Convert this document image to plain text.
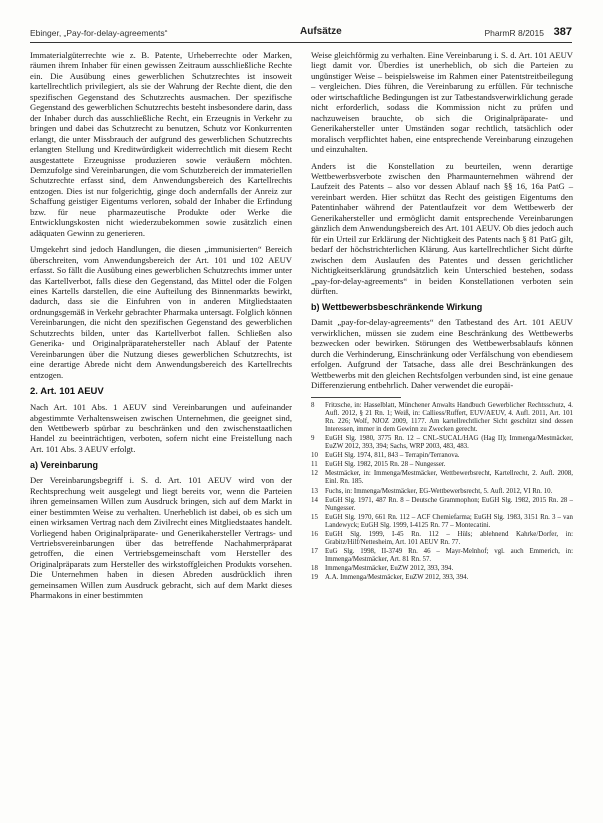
Ebinger, „Pay-for-delay-agreements“	Aufsätze	PharmR 8/2015 387

Immaterialgüterrechte wie z. B. Patente, Urheberrechte oder Marken, räumen ihrem Inhaber für einen gewissen Zeitraum ausschließliche Rechte ein. Die Ausübung eines gewerblichen Schutzrechtes ist insoweit kartellrechtlich privilegiert, als sie der Wahrung der Rechte dient, die den spezifischen Gegenstand des Schutzrechts ausmachen. Der spezifische Gegenstand des gewerblichen Schutzrechts besteht insbesondere darin, dass der Inhaber durch das ausschließliche Recht, ein Erzeugnis in Verkehr zu bringen und dabei das Schutzrecht zu benutzen, Schutz vor Konkurrenten erlangt, die unter Missbrauch der aufgrund des gewerblichen Schutzrechts erlangten Stellung und Kreditwürdigkeit widerrechtlich mit diesem Recht ausgestattete Erzeugnisse produzieren sowie veräußern möchten. Demzufolge sind Vereinbarungen, die vom Schutzbereich der immateriellen Schutzrechte erfasst sind, dem Anwendungsbereich des Kartellrechts entzogen. Dies ist nur folgerichtig, ginge doch andernfalls der Anreiz zur Schaffung geistiger Eigentums verloren, sobald der Inhaber die Erfindung bzw. für neue pharmazeutische Produkte oder Werke die Entwicklungskosten nicht wiederzubekommen sowie zusätzlich einen adäquaten Gewinn zu generieren.

Umgekehrt sind jedoch Handlungen, die diesen „immunisierten“ Bereich überschreiten, vom Anwendungsbereich der Art. 101 und 102 AEUV erfasst. So fällt die Ausübung eines gewerblichen Schutzrechts immer unter das Kartellverbot, falls diese den Gegenstand, das Mittel oder die Folgen eines Kartells darstellen, die eine Aufteilung des Binnenmarkts bewirkt, dadurch, dass sie die Einfuhren von in anderen Mitgliedstaaten ordnungsgemäß in Verkehr gebrachter Pharmaka untersagt. Folglich können Vereinbarungen, die nicht den spezifischen Gegenstand des gewerblichen Schutzrechts bilden, unter das Kartellverbot fallen. Schließen also Generika- und Originalpräparatehersteller nach Ablauf der Patente Vereinbarungen über die Nutzung dieses gewerblichen Schutzrechts, ist eine derartige Abrede nicht dem Anwendungsbereich des Kartellrechts entzogen.

2. Art. 101 AEUV

Nach Art. 101 Abs. 1 AEUV sind Vereinbarungen und aufeinander abgestimmte Verhaltensweisen zwischen Unternehmen, die geeignet sind, den Wettbewerb spürbar zu beschränken und den zwischenstaatlichen Handel zu beeinträchtigen, verboten, sofern nicht eine Freistellung nach Art. 101 Abs. 3 AEUV erfolgt.

a) Vereinbarung

Der Vereinbarungsbegriff i. S. d. Art. 101 AEUV wird von der Rechtsprechung weit ausgelegt und liegt bereits vor, wenn die Parteien ihren gemeinsamen Willen zum Ausdruck bringen, sich auf dem Markt in einer bestimmten Weise zu verhalten. Unerheblich ist dabei, ob es sich um einen wirksamen Vertrag nach dem Zivilrecht eines Mitgliedstaates handelt. Vorliegend haben Originalpräparate- und Generikahersteller Vertrags- und Vertriebsvereinbarungen über das betreffende Nachahmerpräparat getroffen, die einen Vertriebsgemeinschaft vom Hersteller des Originalpräparats zum Hersteller des wirkstoffgleichen Produkts vorsehen. Die Unternehmen haben in diesen Abreden ausdrücklich ihren gemeinsamen Willen zum Ausdruck gebracht, sich auf dem Markt dieses Pharmakons in einer bestimmten

Weise gleichförmig zu verhalten. Eine Vereinbarung i. S. d. Art. 101 AEUV liegt damit vor. Überdies ist unerheblich, ob sich die Parteien zu ungünstiger Weise – beispielsweise im Rahmen einer Patentstreitbeilegung – vergleichen. Dies führen, die Vereinbarung zu erfüllen. Für technische oder wirtschaftliche Bedingungen ist zur Tatbestandsverwirklichung gerade nicht erforderlich, sodass die Kommission nicht zu prüfen und nachzuweisen brauchte, ob sich die Originalpräparate- und Generikahersteller unter Umständen sogar rechtlich, tatsächlich oder moralisch verpflichtet haben, eine entsprechende Vereinbarung einzugehen und einzuhalten.

Anders ist die Konstellation zu beurteilen, wenn derartige Wettbewerbsverbote zwischen den Pharmaunternehmen während der Laufzeit des Patents – also vor dessen Ablauf nach §§ 16, 16a PatG – vereinbart werden. Hier schützt das Recht des geistigen Eigentums den Patentinhaber während der Patentlaufzeit vor dem Wettbewerb der Generikahersteller und ermöglicht damit entsprechende Vereinbarungen gänzlich dem Anwendungsbereich des Art. 101 AEUV. Ob dies jedoch auch für ein Urteil zur Erklärung der Nichtigkeit des Patents nach § 81 PatG gilt, bedarf der höchstrichterlichen Klärung. Aus kartellrechtlicher Sicht dürfte zwischen dem Auslaufen des Patentes und dessen gerichtlicher Nichtigkeitserklärung grundsätzlich kein Unterschied bestehen, sodass „pay-for-delay-agreements“ in beiden Konstellationen verboten sein dürften.

b) Wettbewerbsbeschränkende Wirkung

Damit „pay-for-delay-agreements“ den Tatbestand des Art. 101 AEUV verwirklichen, müssen sie zudem eine Beschränkung des Wettbewerbs bezwecken oder bewirken. Störungen des Wettbewerbsablaufs können durch die Verhinderung, Einschränkung oder Verfälschung von ebendiesem erfolgen. Aufgrund der Tatsache, dass alle drei Beschränkungen des Wettbewerbs mit den gleichen Rechtsfolgen verbunden sind, ist eine genaue Differenzierung entbehrlich. Daher verwendet die europäi-

8	Fritzsche, in: Hasselblatt, Münchener Anwalts Handbuch Gewerblicher Rechtsschutz, 4. Aufl. 2012, § 21 Rn. 1; Weiß, in: Calliess/Ruffert, EUV/AEUV, 4. Aufl. 2011, Art. 101 Rn. 226; Wolf, NJOZ 2009, 1177. Am kartellrechtlicher Sicht geschützt sind dessen Interessen, immer in dem Gewinn zu Zwecken gerecht.
9	EuGH Slg. 1980, 3775 Rn. 12 – CNL-SUCAL/HAG (Hag II); Immenga/Mestmäcker, EuZW 2012, 393, 394; Sachs, WRP 2003, 483, 483.
10	EuGH Slg. 1974, 811, 843 – Terrapin/Terranova.
11	EuGH Slg. 1982, 2015 Rn. 28 – Nungesser.
12	Mestmäcker, in: Immenga/Mestmäcker, Wettbewerbsrecht, Kartellrecht, 2. Aufl. 2008, Einl. Rn. 185.
13	Fuchs, in: Immenga/Mestmäcker, EG-Wettbewerbsrecht, 5. Aufl. 2012, VI Rn. 10.
14	EuGH Slg. 1971, 487 Rn. 8 – Deutsche Grammophon; EuGH Slg. 1982, 2015 Rn. 28 – Nungesser.
15	EuGH Slg. 1970, 661 Rn. 112 – ACF Chemiefarma; EuGH Slg. 1983, 3151 Rn. 3 – van Landewyck; EuGH Slg. 1999, I-4125 Rn. 77 – Montecatini.
16	EuGH Slg. 1999, I-45 Rn. 112 – Hüls; ablehnend Kahrke/Dorfer, in: Grabitz/Hilf/Nettesheim, Art. 101 AEUV Rn. 77.
17	EuG Slg. 1998, II-3749 Rn. 46 – Mayr-Melnhof; vgl. auch Emmerich, in: Immenga/Mestmäcker, Art. 81 Rn. 57.
18	Immenga/Mestmäcker, EuZW 2012, 393, 394.
19	A.A. Immenga/Mestmäcker, EuZW 2012, 393, 394.
